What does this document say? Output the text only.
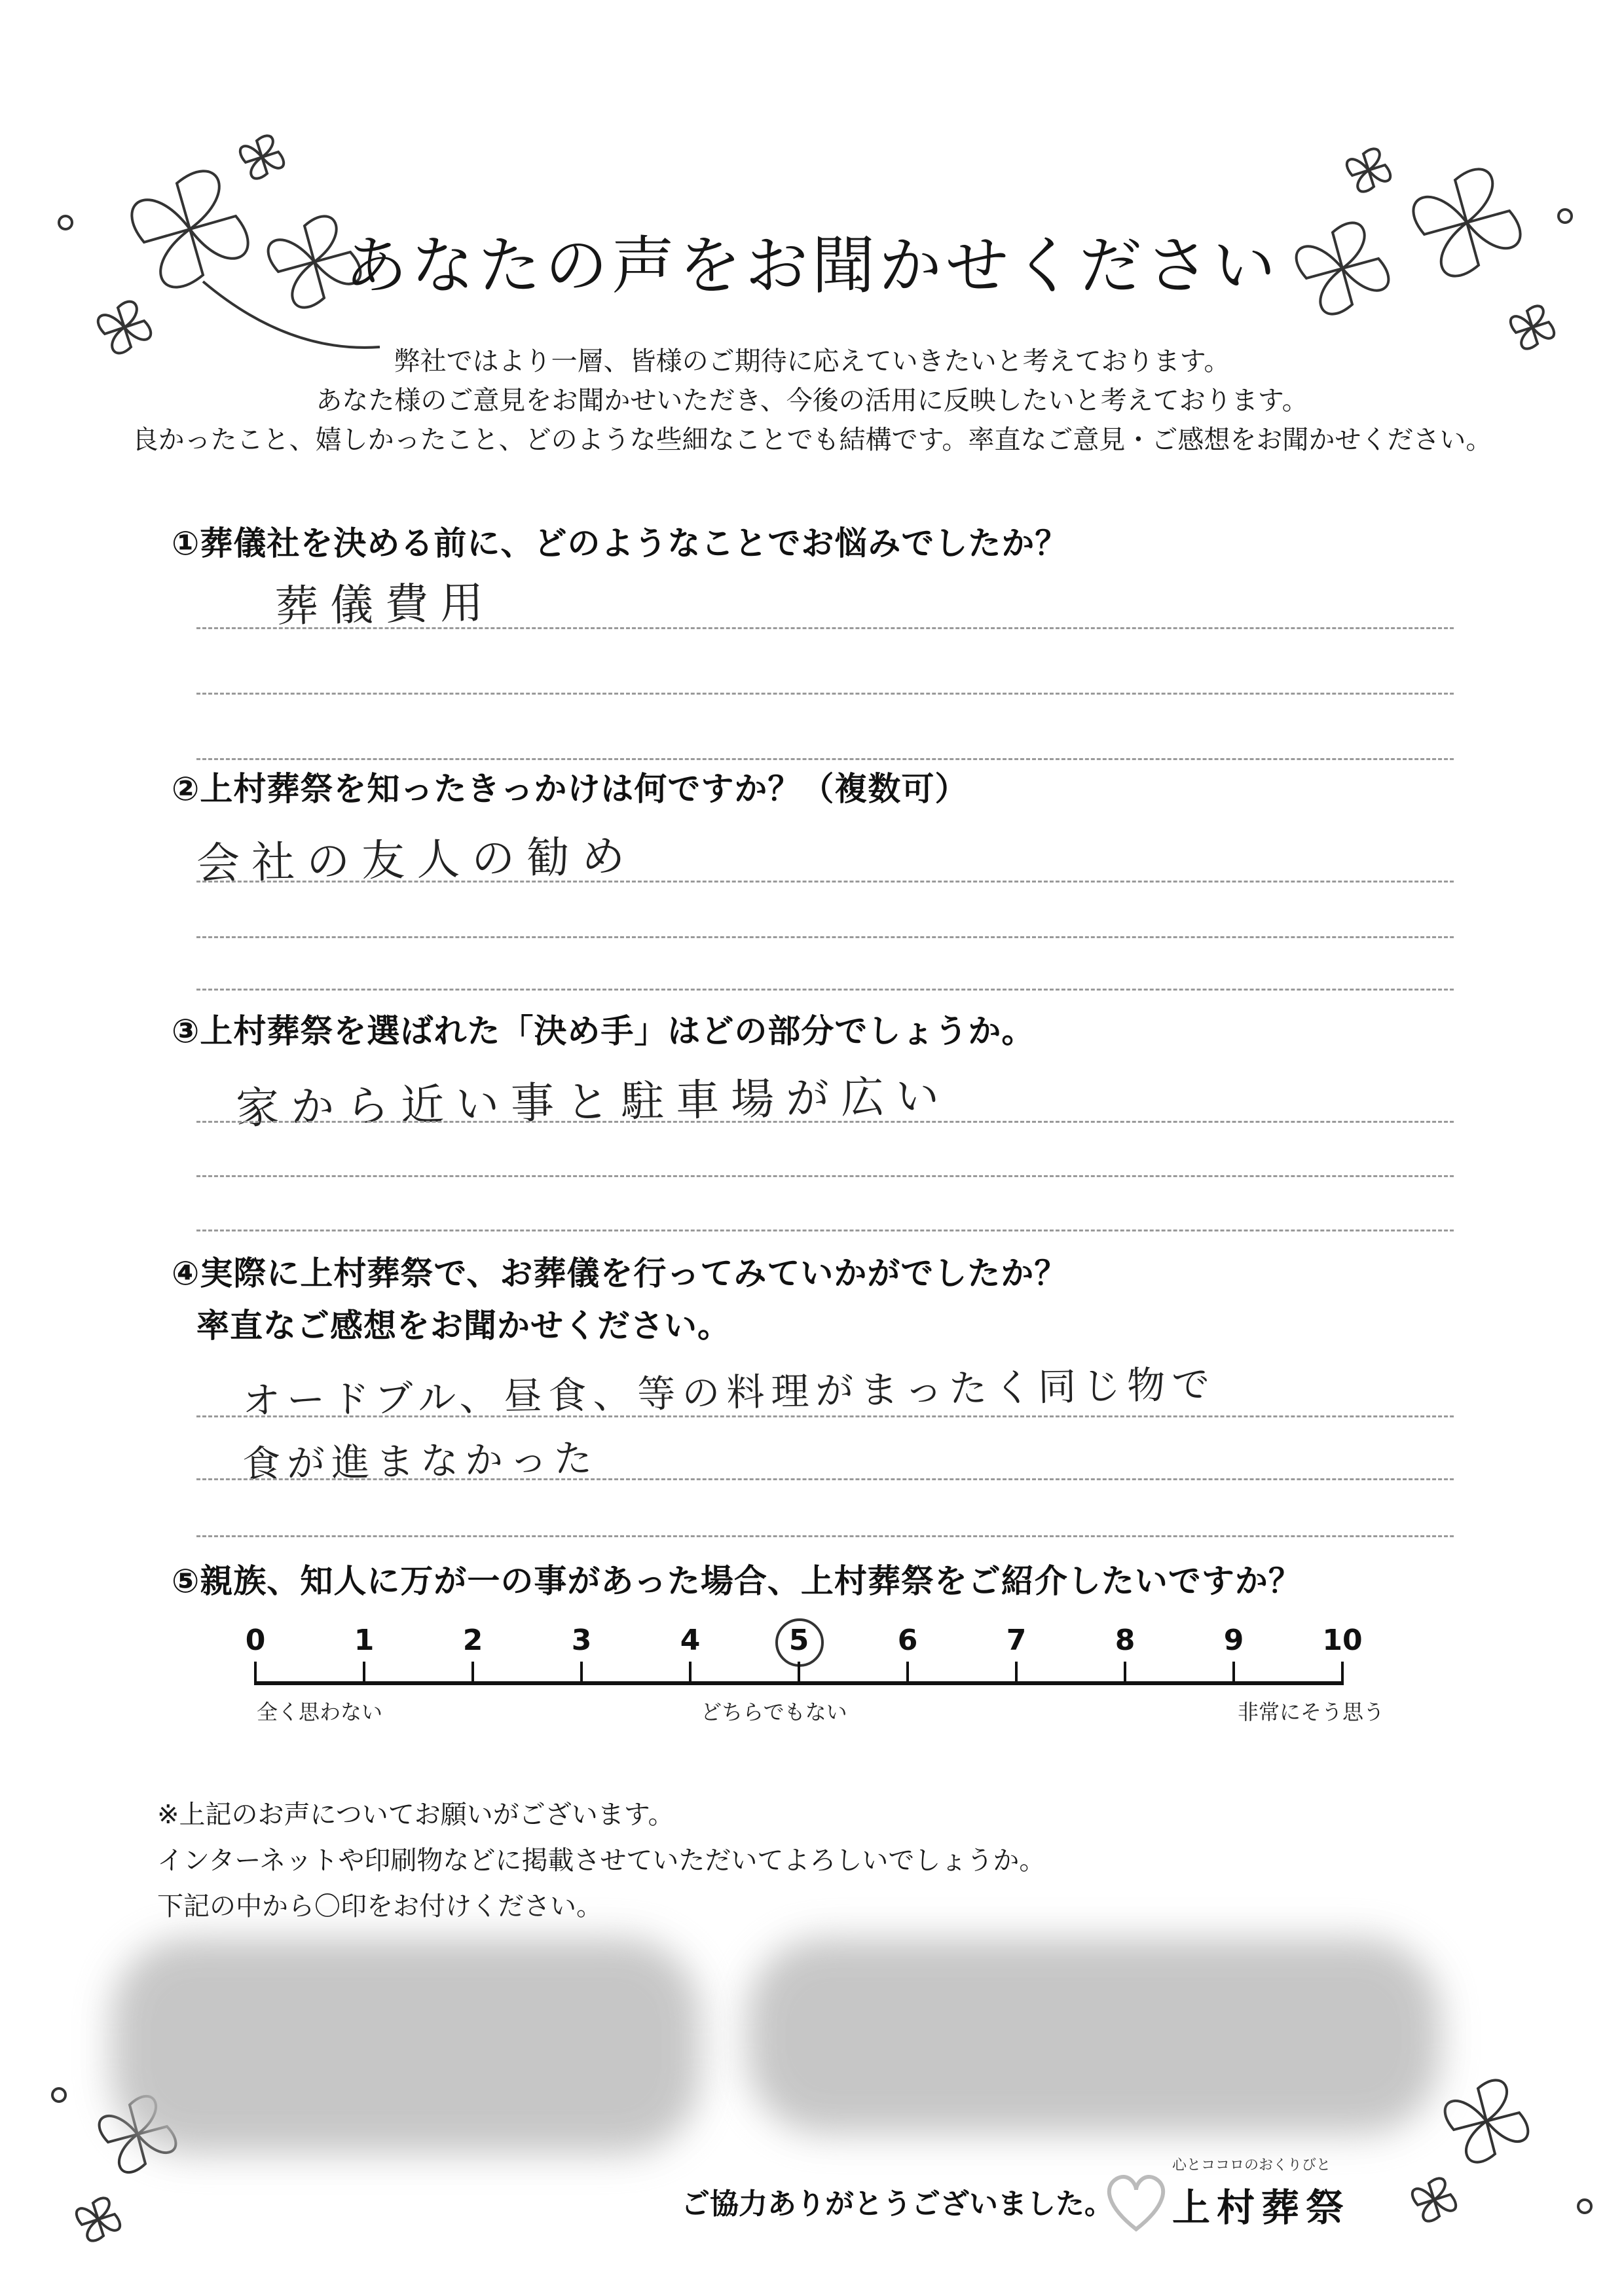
あなたの声をお聞かせください
弊社ではより一層、皆様のご期待に応えていきたいと考えております。
あなた様のご意見をお聞かせいただき、今後の活用に反映したいと考えております。
良かったこと、嬉しかったこと、どのような些細なことでも結構です。率直なご意見・ご感想をお聞かせください。
①葬儀社を決める前に、どのようなことでお悩みでしたか？
葬儀費用
②上村葬祭を知ったきっかけは何ですか？（複数可）
会社の友人の勧め
③上村葬祭を選ばれた「決め手」はどの部分でしょうか。
家から近い事と駐車場が広い
④実際に上村葬祭で、お葬儀を行ってみていかがでしたか？
率直なご感想をお聞かせください。
オードブル、昼食、等の料理がまったく同じ物で
食が進まなかった
⑤親族、知人に万が一の事があった場合、上村葬祭をご紹介したいですか？
0	1	2	3	4	5	6	7	8	9	10
全く思わない	どちらでもない	非常にそう思う
※上記のお声についてお願いがございます。
インターネットや印刷物などに掲載させていただいてよろしいでしょうか。
下記の中から〇印をお付けください。
ご協力ありがとうございました。
心とココロのおくりびと
上村葬祭
